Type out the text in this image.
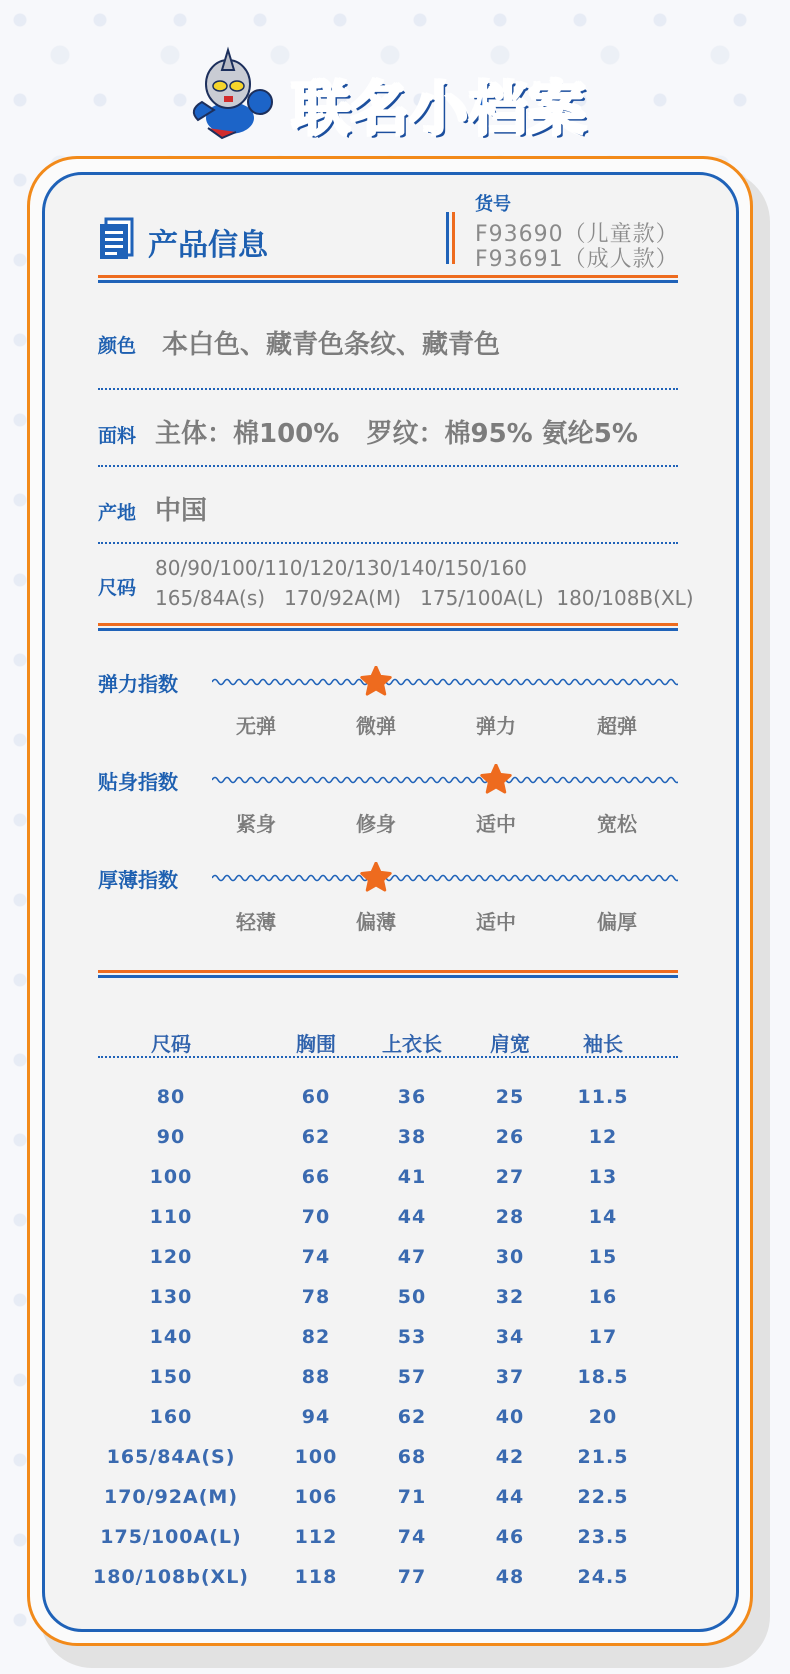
联名小档案
产品信息
货号
F93690（儿童款）
F93691（成人款）
颜色 本白色、藏青色条纹、藏青色
面料 主体：棉100%   罗纹：棉95% 氨纶5%
产地 中国
尺码
80/90/100/110/120/130/140/150/160
165/84A(s)   170/92A(M)   175/100A(L)  180/108B(XL)
弹力指数
无弹	微弹	弹力	超弹
贴身指数
紧身	修身	适中	宽松
厚薄指数
轻薄	偏薄	适中	偏厚
尺码	胸围	上衣长	肩宽	袖长
80	60	36	25	11.5
90	62	38	26	12
100	66	41	27	13
110	70	44	28	14
120	74	47	30	15
130	78	50	32	16
140	82	53	34	17
150	88	57	37	18.5
160	94	62	40	20
165/84A(S)	100	68	42	21.5
170/92A(M)	106	71	44	22.5
175/100A(L)	112	74	46	23.5
180/108b(XL)	118	77	48	24.5
